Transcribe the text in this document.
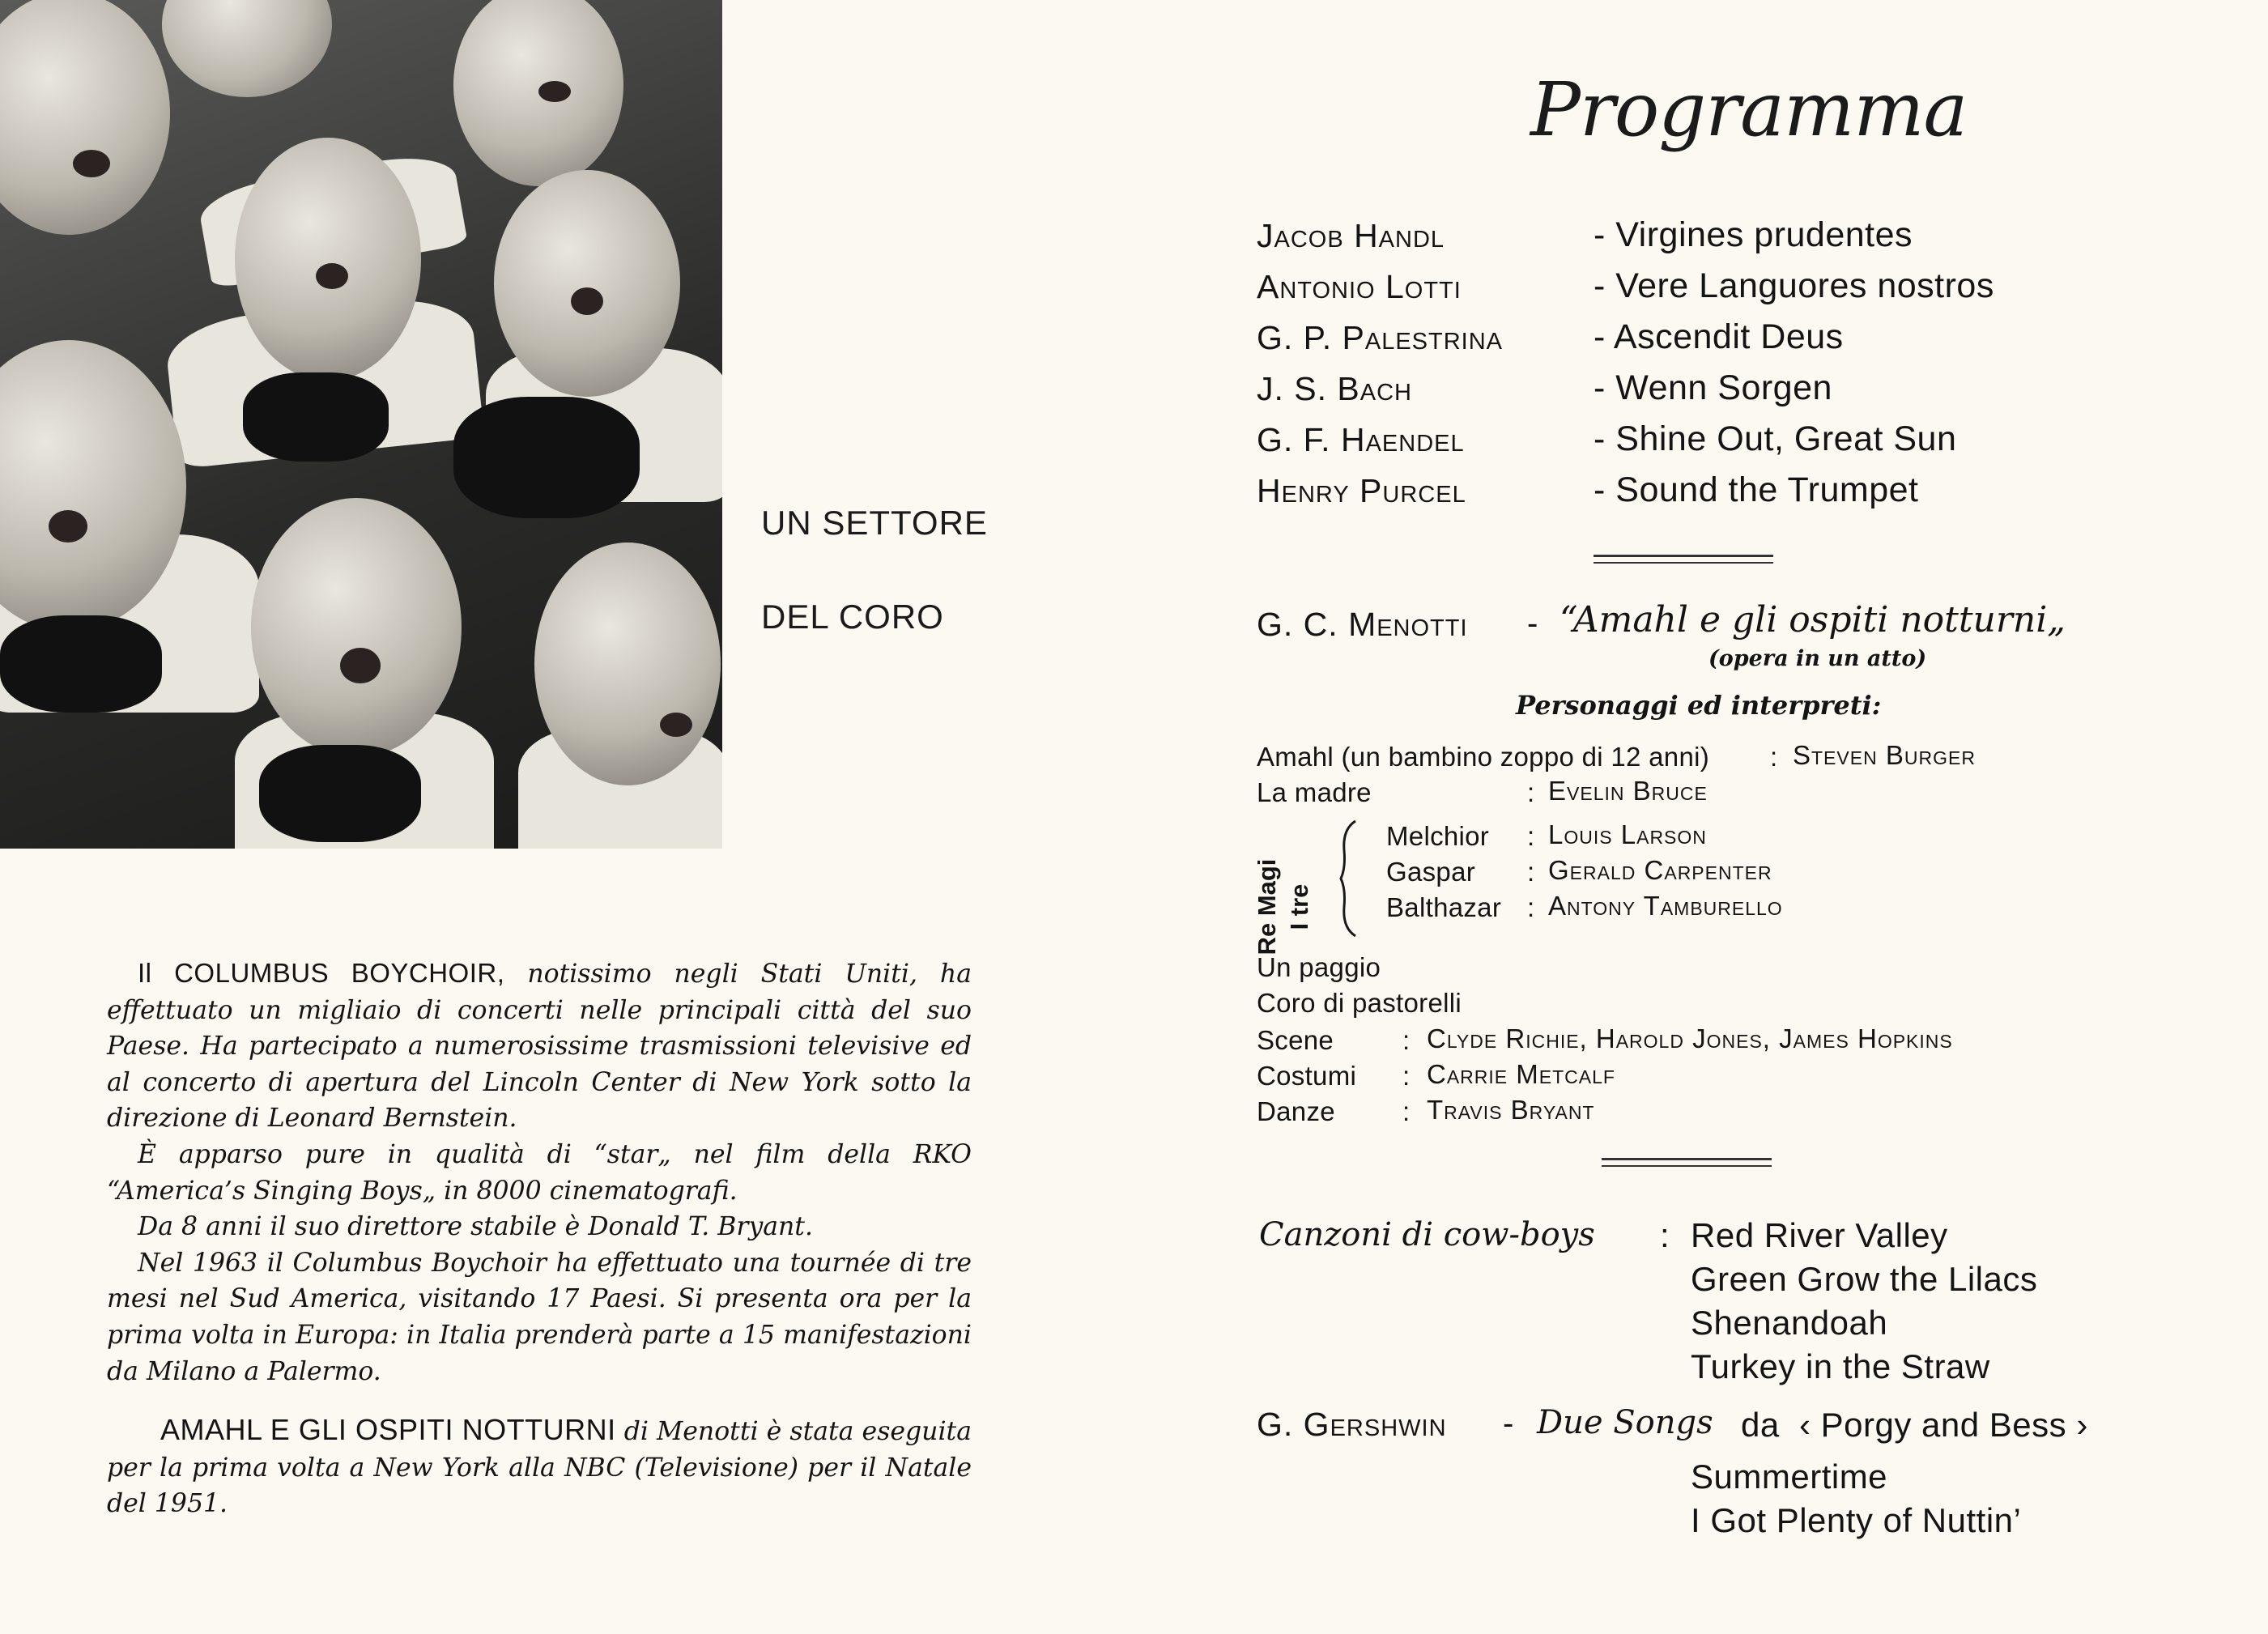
UN SETTORE
DEL CORO

Il COLUMBUS BOYCHOIR, notissimo negli Stati Uniti, ha effettuato un migliaio di concerti nelle principali città del suo Paese. Ha partecipato a numerosissime trasmissioni televisive ed al concerto di apertura del Lincoln Center di New York sotto la direzione di Leonard Bernstein.

È apparso pure in qualità di “star„ nel film della RKO “America’s Singing Boys„ in 8000 cinematografi.

Da 8 anni il suo direttore stabile è Donald T. Bryant.

Nel 1963 il Columbus Boychoir ha effettuato una tournée di tre mesi nel Sud America, visitando 17 Paesi. Si presenta ora per la prima volta in Europa: in Italia prenderà parte a 15 manifestazioni da Milano a Palermo.

AMAHL E GLI OSPITI NOTTURNI di Menotti è stata eseguita per la prima volta a New York alla NBC (Televisione) per il Natale del 1951.

Programma
Jacob Handl	- Virgines prudentes
Antonio Lotti	- Vere Languores nostros
G. P. Palestrina	- Ascendit Deus
J. S. Bach	- Wenn Sorgen
G. F. Haendel	- Shine Out, Great Sun
Henry Purcel	- Sound the Trumpet
G. C. Menotti - “Amahl e gli ospiti notturni„
(opera in un atto)
Personaggi ed interpreti:
Amahl (un bambino zoppo di 12 anni) : Steven Burger
La madre	: Evelin Bruce
Re Magi I tre
Melchior : Louis Larson
Gaspar : Gerald Carpenter
Balthazar : Antony Tamburello
Un paggio
Coro di pastorelli
Scene	: Clyde Richie, Harold Jones, James Hopkins
Costumi : Carrie Metcalf
Danze	: Travis Bryant
Canzoni di cow-boys : Red River Valley
Green Grow the Lilacs
Shenandoah
Turkey in the Straw
G. Gershwin - Due Songs da ‹ Porgy and Bess ›
Summertime
I Got Plenty of Nuttin’
